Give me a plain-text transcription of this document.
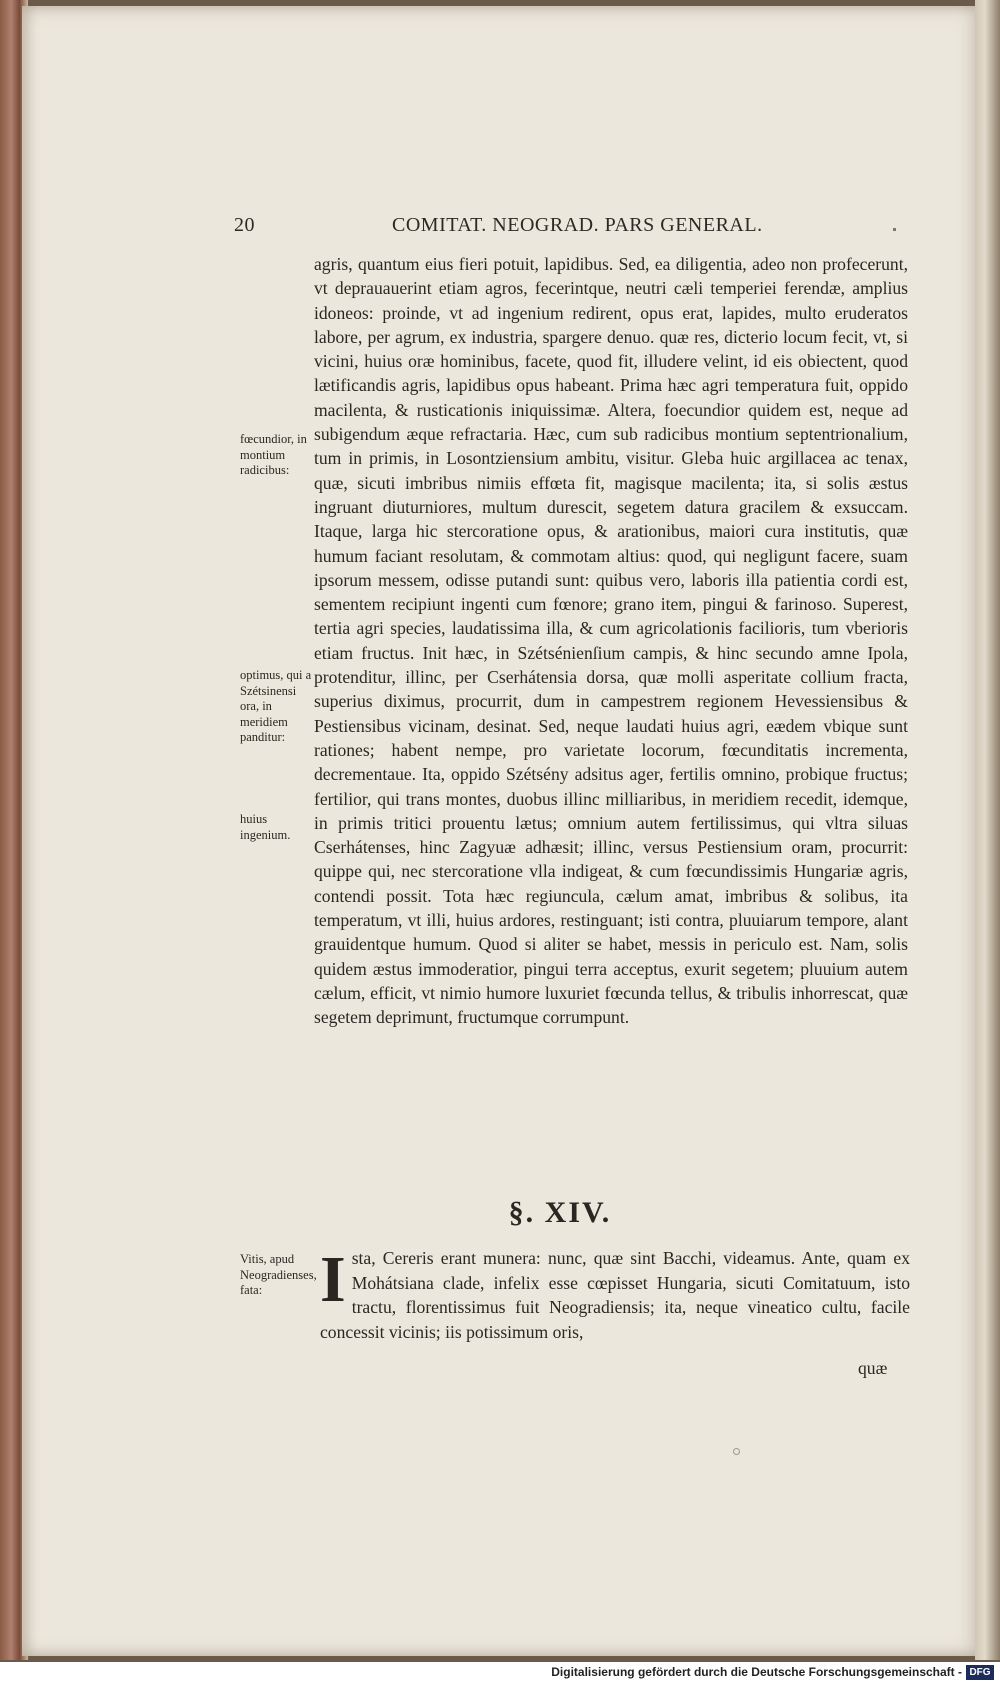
20	COMITAT. NEOGRAD. PARS GENERAL.

agris, quantum eius fieri potuit, lapidibus. Sed, ea diligentia, adeo non profecerunt, vt deprauauerint etiam agros, fecerintque, neutri cæli temperiei ferendæ, amplius idoneos: proinde, vt ad ingenium redirent, opus erat, lapides, multo eruderatos labore, per agrum, ex industria, spargere denuo. quæ res, dicterio locum fecit, vt, si vicini, huius oræ hominibus, facete, quod fit, illudere velint, id eis obiectent, quod lætificandis agris, lapidibus opus habeant. Prima hæc agri temperatura fuit, oppido macilenta, & rusticationis iniquissimæ. Altera, foecundior quidem est, neque ad subigendum æque refractaria. Hæc, cum sub radicibus montium septentrionalium, tum in primis, in Losontziensium ambitu, visitur. Gleba huic argillacea ac tenax, quæ, sicuti imbribus nimiis effœta fit, magisque macilenta; ita, si solis æstus ingruant diuturniores, multum durescit, segetem datura gracilem & exsuccam. Itaque, larga hic stercoratione opus, & arationibus, maiori cura institutis, quæ humum faciant resolutam, & commotam altius: quod, qui negligunt facere, suam ipsorum messem, odisse putandi sunt: quibus vero, laboris illa patientia cordi est, sementem recipiunt ingenti cum fœnore; grano item, pingui & farinoso. Superest, tertia agri species, laudatissima illa, & cum agricolationis facilioris, tum vberioris etiam fructus. Init hæc, in Szétsénienſium campis, & hinc secundo amne Ipola, protenditur, illinc, per Cserhátensia dorsa, quæ molli asperitate collium fracta, superius diximus, procurrit, dum in campestrem regionem Hevessiensibus & Pestiensibus vicinam, desinat. Sed, neque laudati huius agri, eædem vbique sunt rationes; habent nempe, pro varietate locorum, fœcunditatis incrementa, decrementaue. Ita, oppido Szétsény adsitus ager, fertilis omnino, probique fructus; fertilior, qui trans montes, duobus illinc milliaribus, in meridiem recedit, idemque, in primis tritici prouentu lætus; omnium autem fertilissimus, qui vltra siluas Cserhátenses, hinc Zagyuæ adhæsit; illinc, versus Pestiensium oram, procurrit: quippe qui, nec stercoratione vlla indigeat, & cum fœcundissimis Hungariæ agris, contendi possit. Tota hæc regiuncula, cælum amat, imbribus & solibus, ita temperatum, vt illi, huius ardores, restinguant; isti contra, pluuiarum tempore, alant grauidentque humum. Quod si aliter se habet, messis in periculo est. Nam, solis quidem æstus immoderatior, pingui terra acceptus, exurit segetem; pluuium autem cælum, efficit, vt nimio humore luxuriet fœcunda tellus, & tribulis inhorrescat, quæ segetem deprimunt, fructumque corrumpunt.

fœcundior, in montium radicibus:
optimus, qui a Szétsinensi ora, in meridiem panditur:
huius ingenium.
Vitis, apud Neogradienses, fata:
§. XIV.
I sta, Cereris erant munera: nunc, quæ sint Bacchi, videamus. Ante, quam ex Mohátsiana clade, infelix esse cœpisset Hungaria, sicuti Comitatuum, isto tractu, florentissimus fuit Neogradiensis; ita, neque vineatico cultu, facile concessit vicinis; iis potissimum oris,
quæ
Digitalisierung gefördert durch die Deutsche Forschungsgemeinschaft - DFG
